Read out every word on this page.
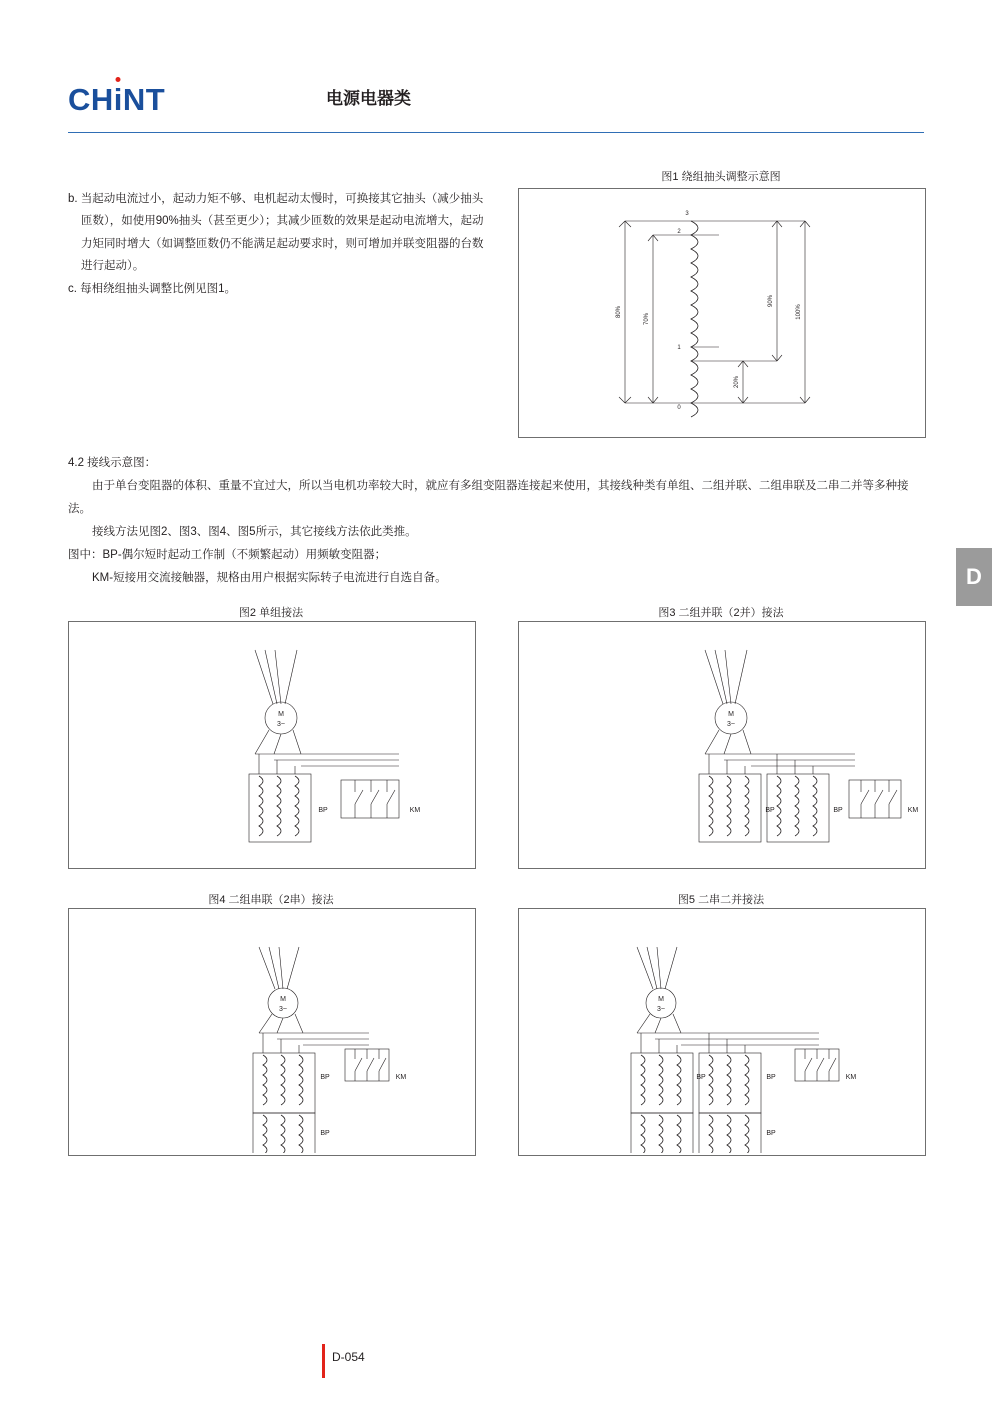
CH
iNT	电源电器类

b. 当起动电流过小，起动力矩不够、电机起动太慢时，可换接其它抽头（减少抽头匝数），如使用90%抽头（甚至更少）；其减少匝数的效果是起动电流增大，起动力矩同时增大（如调整匝数仍不能满足起动要求时，则可增加并联变阻器的台数进行起动）。

c. 每相绕组抽头调整比例见图1。

图1 绕组抽头调整示意图
3
2
1
0
80%
70%
20%
90%
100%
4.2 接线示意图：
由于单台变阻器的体积、重量不宜过大，所以当电机功率较大时，就应有多组变阻器连接起来使用，其接线种类有单组、二组并联、二组串联及二串二并等多种接法。
接线方法见图2、图3、图4、图5所示，其它接线方法依此类推。
图中：BP-偶尔短时起动工作制（不频繁起动）用频敏变阻器；
KM-短接用交流接触器，规格由用户根据实际转子电流进行自选自备。	D
图2 单组接法
M
3~
BP	KM
图3 二组并联（2并）接法
M
3~
BP	BP	KM
图4 二组串联（2串）接法
M
3~
BP
BP
KM
图5 二串二并接法
M
3~
BP	BP
BP
KM
D-054
